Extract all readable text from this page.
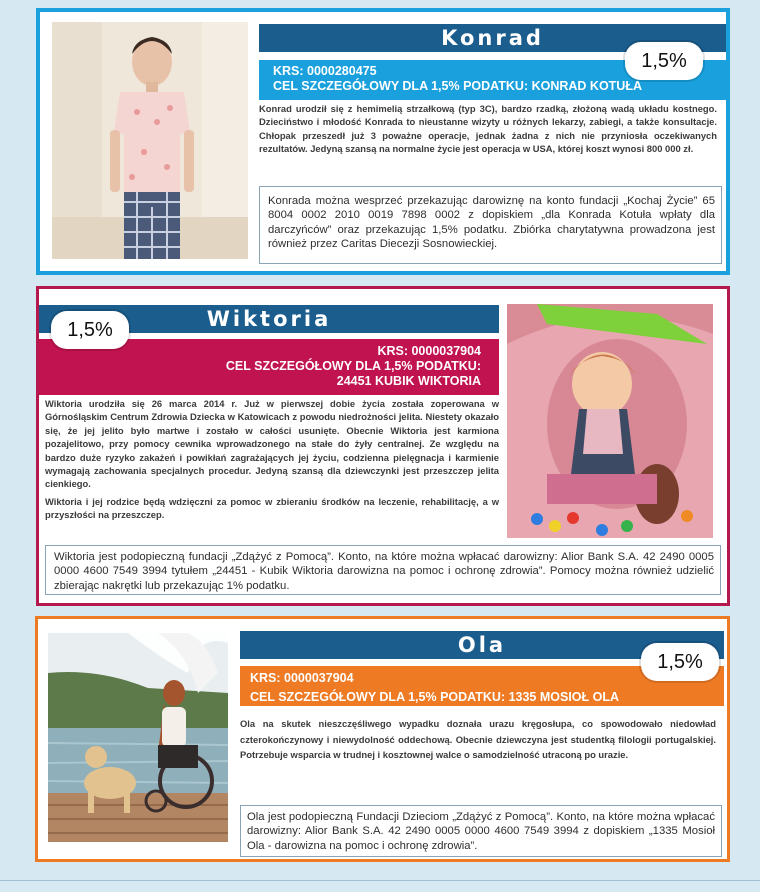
Konrad
KRS: 0000280475
CEL SZCZEGÓŁOWY DLA 1,5% PODATKU: KONRAD KOTUŁA
1,5%

Konrad urodził się z hemimelią strzałkową (typ 3C), bardzo rzadką, złożoną wadą układu kostnego. Dzieciństwo i młodość Konrada to nieustanne wizyty u różnych lekarzy, zabiegi, a także konsultacje. Chłopak przeszedł już 3 poważne operacje, jednak żadna z nich nie przyniosła oczekiwanych rezultatów. Jedyną szansą na normalne życie jest operacja w USA, której koszt wynosi 800 000 zł.

Konrada można wesprzeć przekazując darowiznę na konto fundacji „Kochaj Życie” 65 8004 0002 2010 0019 7898 0002 z dopiskiem „dla Konrada Kotuła wpłaty dla darczyńców” oraz przekazując 1,5% podatku. Zbiórka charytatywna prowadzona jest również przez Caritas Diecezji Sosnowieckiej.
Wiktoria
KRS: 0000037904
CEL SZCZEGÓŁOWY DLA 1,5% PODATKU:
24451 KUBIK WIKTORIA
1,5%

Wiktoria urodziła się 26 marca 2014 r. Już w pierwszej dobie życia została zoperowana w Górnośląskim Centrum Zdrowia Dziecka w Katowicach z powodu niedrożności jelita. Niestety okazało się, że jej jelito było martwe i zostało w całości usunięte. Obecnie Wiktoria jest karmiona pozajelitowo, przy pomocy cewnika wprowadzonego na stałe do żyły centralnej. Ze względu na bardzo duże ryzyko zakażeń i powikłań zagrażających jej życiu, codzienna pielęgnacja i karmienie wymagają zachowania specjalnych procedur. Jedyną szansą dla dziewczynki jest przeszczep jelita cienkiego.

Wiktoria i jej rodzice będą wdzięczni za pomoc w zbieraniu środków na leczenie, rehabilitację, a w przyszłości na przeszczep.

Wiktoria jest podopieczną fundacji „Zdążyć z Pomocą”. Konto, na które można wpłacać darowizny: Alior Bank S.A. 42 2490 0005 0000 4600 7549 3994 tytułem „24451 - Kubik Wiktoria darowizna na pomoc i ochronę zdrowia”. Pomocy można również udzielić zbierając nakrętki lub przekazując 1% podatku.
Ola
KRS: 0000037904
CEL SZCZEGÓŁOWY DLA 1,5% PODATKU: 1335 MOSIOŁ OLA
1,5%

Ola na skutek nieszczęśliwego wypadku doznała urazu kręgosłupa, co spowodowało niedowład czterokończynowy i niewydolność oddechową. Obecnie dziewczyna jest studentką filologii portugalskiej. Potrzebuje wsparcia w trudnej i kosztownej walce o samodzielność utraconą po urazie.

Ola jest podopieczną Fundacji Dzieciom „Zdążyć z Pomocą”. Konto, na które można wpłacać darowizny: Alior Bank S.A. 42 2490 0005 0000 4600 7549 3994 z dopiskiem „1335 Mosioł Ola - darowizna na pomoc i ochronę zdrowia”.
